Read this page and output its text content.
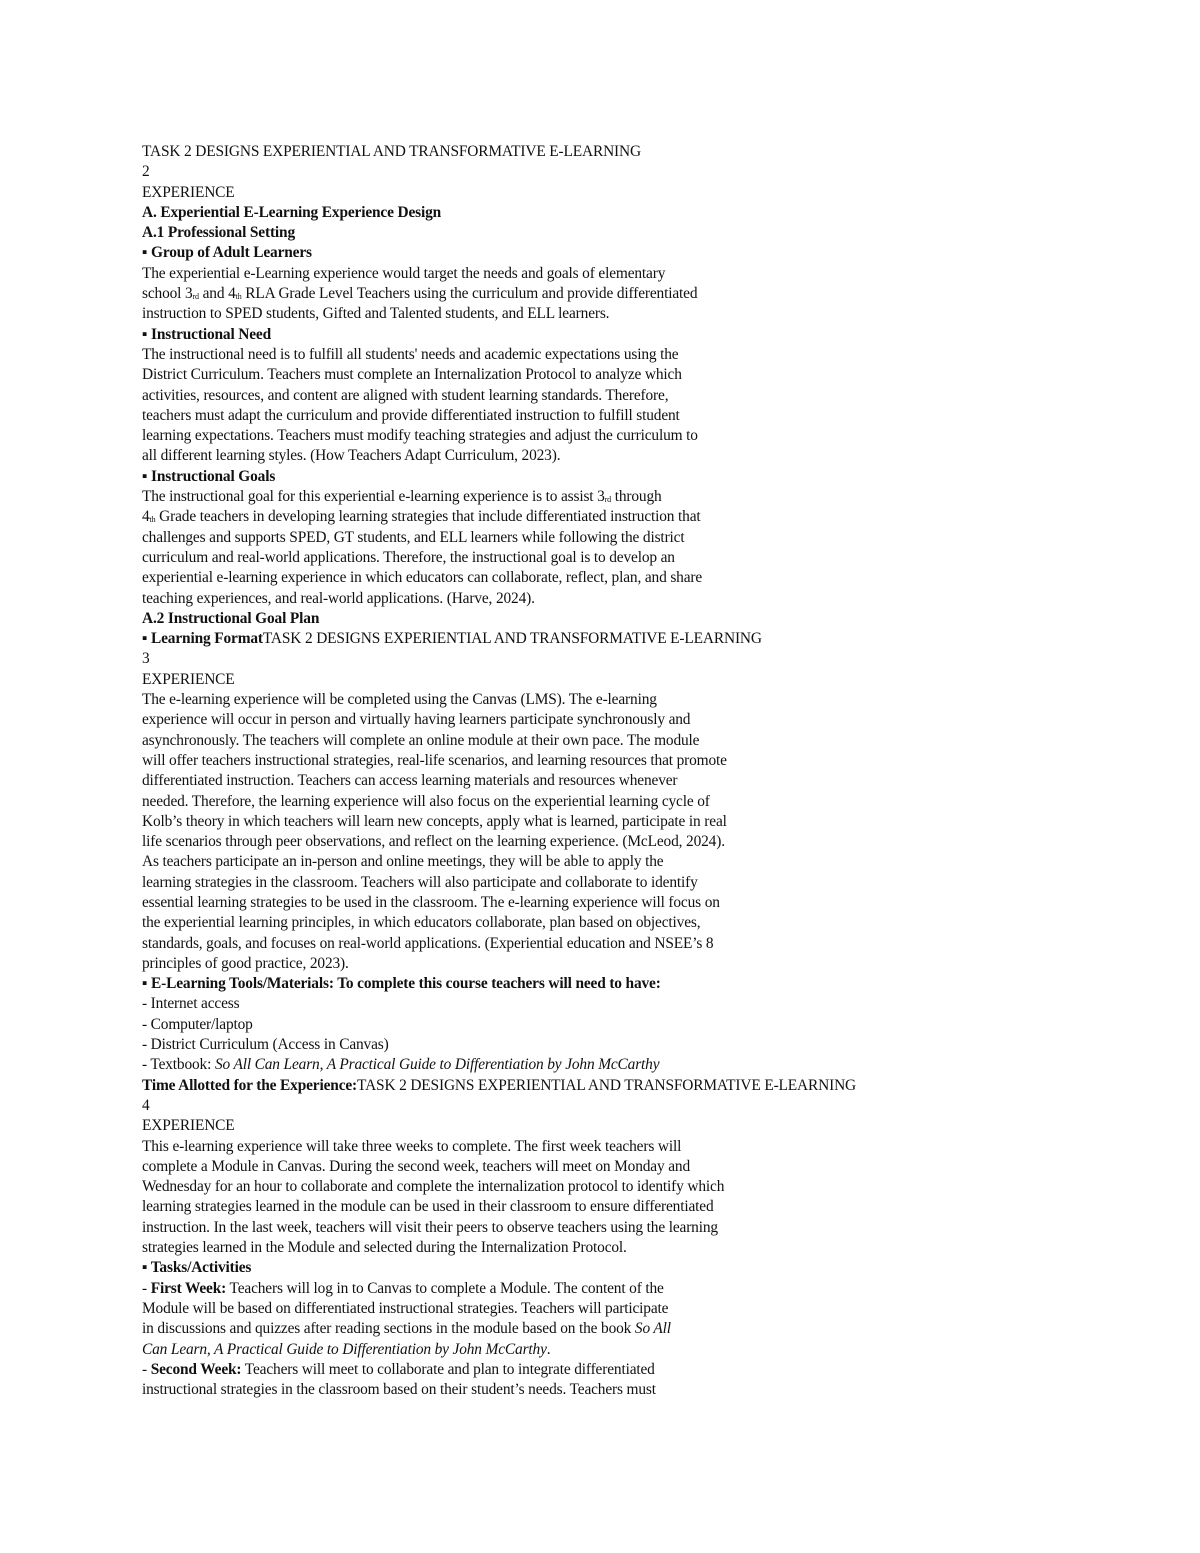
TASK 2 DESIGNS EXPERIENTIAL AND TRANSFORMATIVE E-LEARNING
2
EXPERIENCE
A. Experiential E-Learning Experience Design
A.1 Professional Setting
▪ Group of Adult Learners
The experiential e-Learning experience would target the needs and goals of elementary
school 3rd and 4th RLA Grade Level Teachers using the curriculum and provide differentiated
instruction to SPED students, Gifted and Talented students, and ELL learners.
▪ Instructional Need
The instructional need is to fulfill all students' needs and academic expectations using the
District Curriculum. Teachers must complete an Internalization Protocol to analyze which
activities, resources, and content are aligned with student learning standards. Therefore,
teachers must adapt the curriculum and provide differentiated instruction to fulfill student
learning expectations. Teachers must modify teaching strategies and adjust the curriculum to
all different learning styles. (How Teachers Adapt Curriculum, 2023).
▪ Instructional Goals
The instructional goal for this experiential e-learning experience is to assist 3rd through
4th Grade teachers in developing learning strategies that include differentiated instruction that
challenges and supports SPED, GT students, and ELL learners while following the district
curriculum and real-world applications. Therefore, the instructional goal is to develop an
experiential e-learning experience in which educators can collaborate, reflect, plan, and share
teaching experiences, and real-world applications. (Harve, 2024).
A.2 Instructional Goal Plan
▪ Learning FormatTASK 2 DESIGNS EXPERIENTIAL AND TRANSFORMATIVE E-LEARNING
3
EXPERIENCE
The e-learning experience will be completed using the Canvas (LMS). The e-learning
experience will occur in person and virtually having learners participate synchronously and
asynchronously. The teachers will complete an online module at their own pace. The module
will offer teachers instructional strategies, real-life scenarios, and learning resources that promote
differentiated instruction. Teachers can access learning materials and resources whenever
needed. Therefore, the learning experience will also focus on the experiential learning cycle of
Kolb’s theory in which teachers will learn new concepts, apply what is learned, participate in real
life scenarios through peer observations, and reflect on the learning experience. (McLeod, 2024).
As teachers participate an in-person and online meetings, they will be able to apply the
learning strategies in the classroom. Teachers will also participate and collaborate to identify
essential learning strategies to be used in the classroom. The e-learning experience will focus on
the experiential learning principles, in which educators collaborate, plan based on objectives,
standards, goals, and focuses on real-world applications. (Experiential education and NSEE’s 8
principles of good practice, 2023).
▪ E-Learning Tools/Materials: To complete this course teachers will need to have:
- Internet access
- Computer/laptop
- District Curriculum (Access in Canvas)
- Textbook: So All Can Learn, A Practical Guide to Differentiation by John McCarthy
Time Allotted for the Experience:TASK 2 DESIGNS EXPERIENTIAL AND TRANSFORMATIVE E-LEARNING
4
EXPERIENCE
This e-learning experience will take three weeks to complete. The first week teachers will
complete a Module in Canvas. During the second week, teachers will meet on Monday and
Wednesday for an hour to collaborate and complete the internalization protocol to identify which
learning strategies learned in the module can be used in their classroom to ensure differentiated
instruction. In the last week, teachers will visit their peers to observe teachers using the learning
strategies learned in the Module and selected during the Internalization Protocol.
▪ Tasks/Activities
- First Week: Teachers will log in to Canvas to complete a Module. The content of the
Module will be based on differentiated instructional strategies. Teachers will participate
in discussions and quizzes after reading sections in the module based on the book So All
Can Learn, A Practical Guide to Differentiation by John McCarthy.
- Second Week: Teachers will meet to collaborate and plan to integrate differentiated
instructional strategies in the classroom based on their student’s needs. Teachers must
